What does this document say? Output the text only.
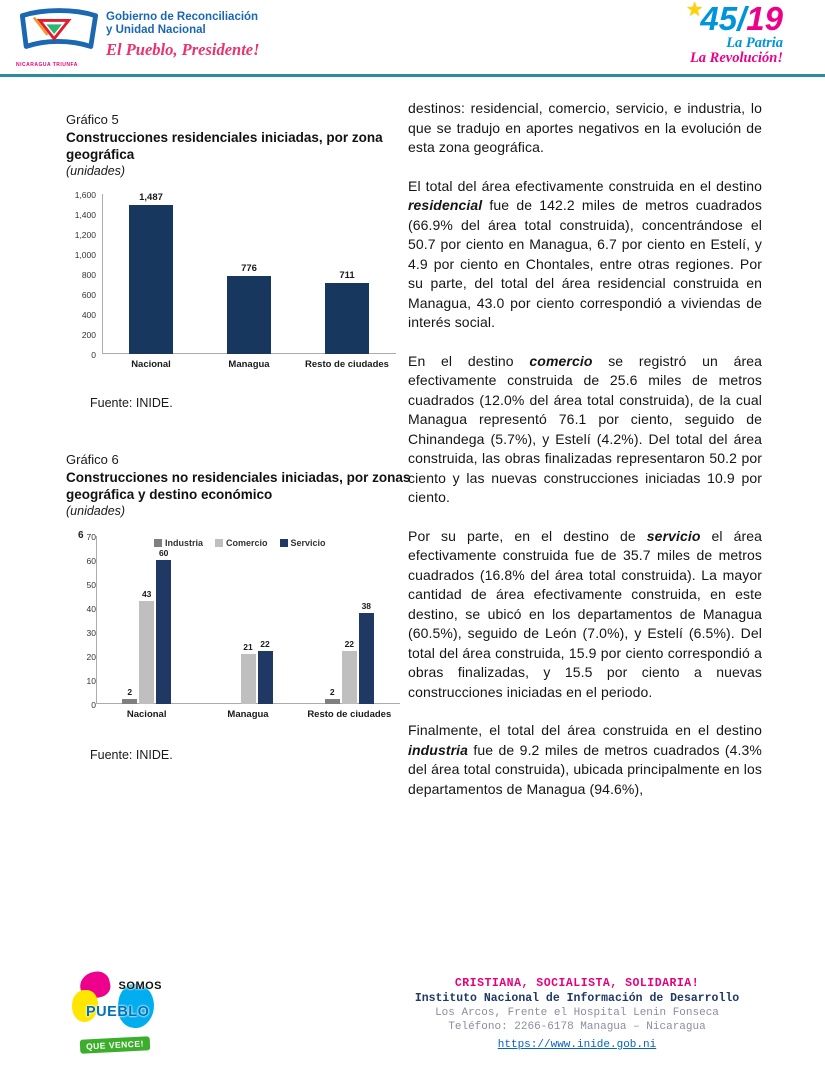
NICARAGUA TRIUNFA
Gobierno de Reconciliación
y Unidad Nacional
El Pueblo, Presidente!
★
45/19
La Patria
La Revolución!
Gráfico 5
Construcciones residenciales iniciadas, por zona geográfica
(unidades)
0
200
400
600
800
1,000
1,200
1,400
1,600	1,487
Nacional
776
Managua
711
Resto de ciudades
Fuente: INIDE.
Gráfico 6
Construcciones no residenciales iniciadas, por zonas geográfica y destino económico
(unidades)
0
10
20
30
40
50
60
70
6
Industria	Comercio	Servicio
2	2
43
21	22
60
22
38
Nacional	Managua	Resto de ciudades
Fuente: INIDE.

destinos: residencial, comercio, servicio, e industria, lo que se tradujo en aportes negativos en la evolución de esta zona geográfica.

El total del área efectivamente construida en el destino residencial fue de 142.2 miles de metros cuadrados (66.9% del área total construida), concentrándose el 50.7 por ciento en Managua, 6.7 por ciento en Estelí, y 4.9 por ciento en Chontales, entre otras regiones. Por su parte, del total del área residencial construida en Managua, 43.0 por ciento correspondió a viviendas de interés social.

En el destino comercio se registró un área efectivamente construida de 25.6 miles de metros cuadrados (12.0% del área total construida), de la cual Managua representó 76.1 por ciento, seguido de Chinandega (5.7%), y Estelí (4.2%). Del total del área construida, las obras finalizadas representaron 50.2 por ciento y las nuevas construcciones iniciadas 10.9 por ciento.

Por su parte, en el destino de servicio el área efectivamente construida fue de 35.7 miles de metros cuadrados (16.8% del área total construida). La mayor cantidad de área efectivamente construida, en este destino, se ubicó en los departamentos de Managua (60.5%), seguido de León (7.0%), y Estelí (6.5%). Del total del área construida, 15.9 por ciento correspondió a obras finalizadas, y 15.5 por ciento a nuevas construcciones iniciadas en el periodo.

Finalmente, el total del área construida en el destino industria fue de 9.2 miles de metros cuadrados (4.3% del área total construida), ubicada principalmente en los departamentos de Managua (94.6%),

SOMOS
PUEBLO
QUE VENCE!
CRISTIANA, SOCIALISTA, SOLIDARIA!
Instituto Nacional de Información de Desarrollo
Los Arcos, Frente el Hospital Lenin Fonseca
Teléfono: 2266-6178 Managua – Nicaragua
https://www.inide.gob.ni
